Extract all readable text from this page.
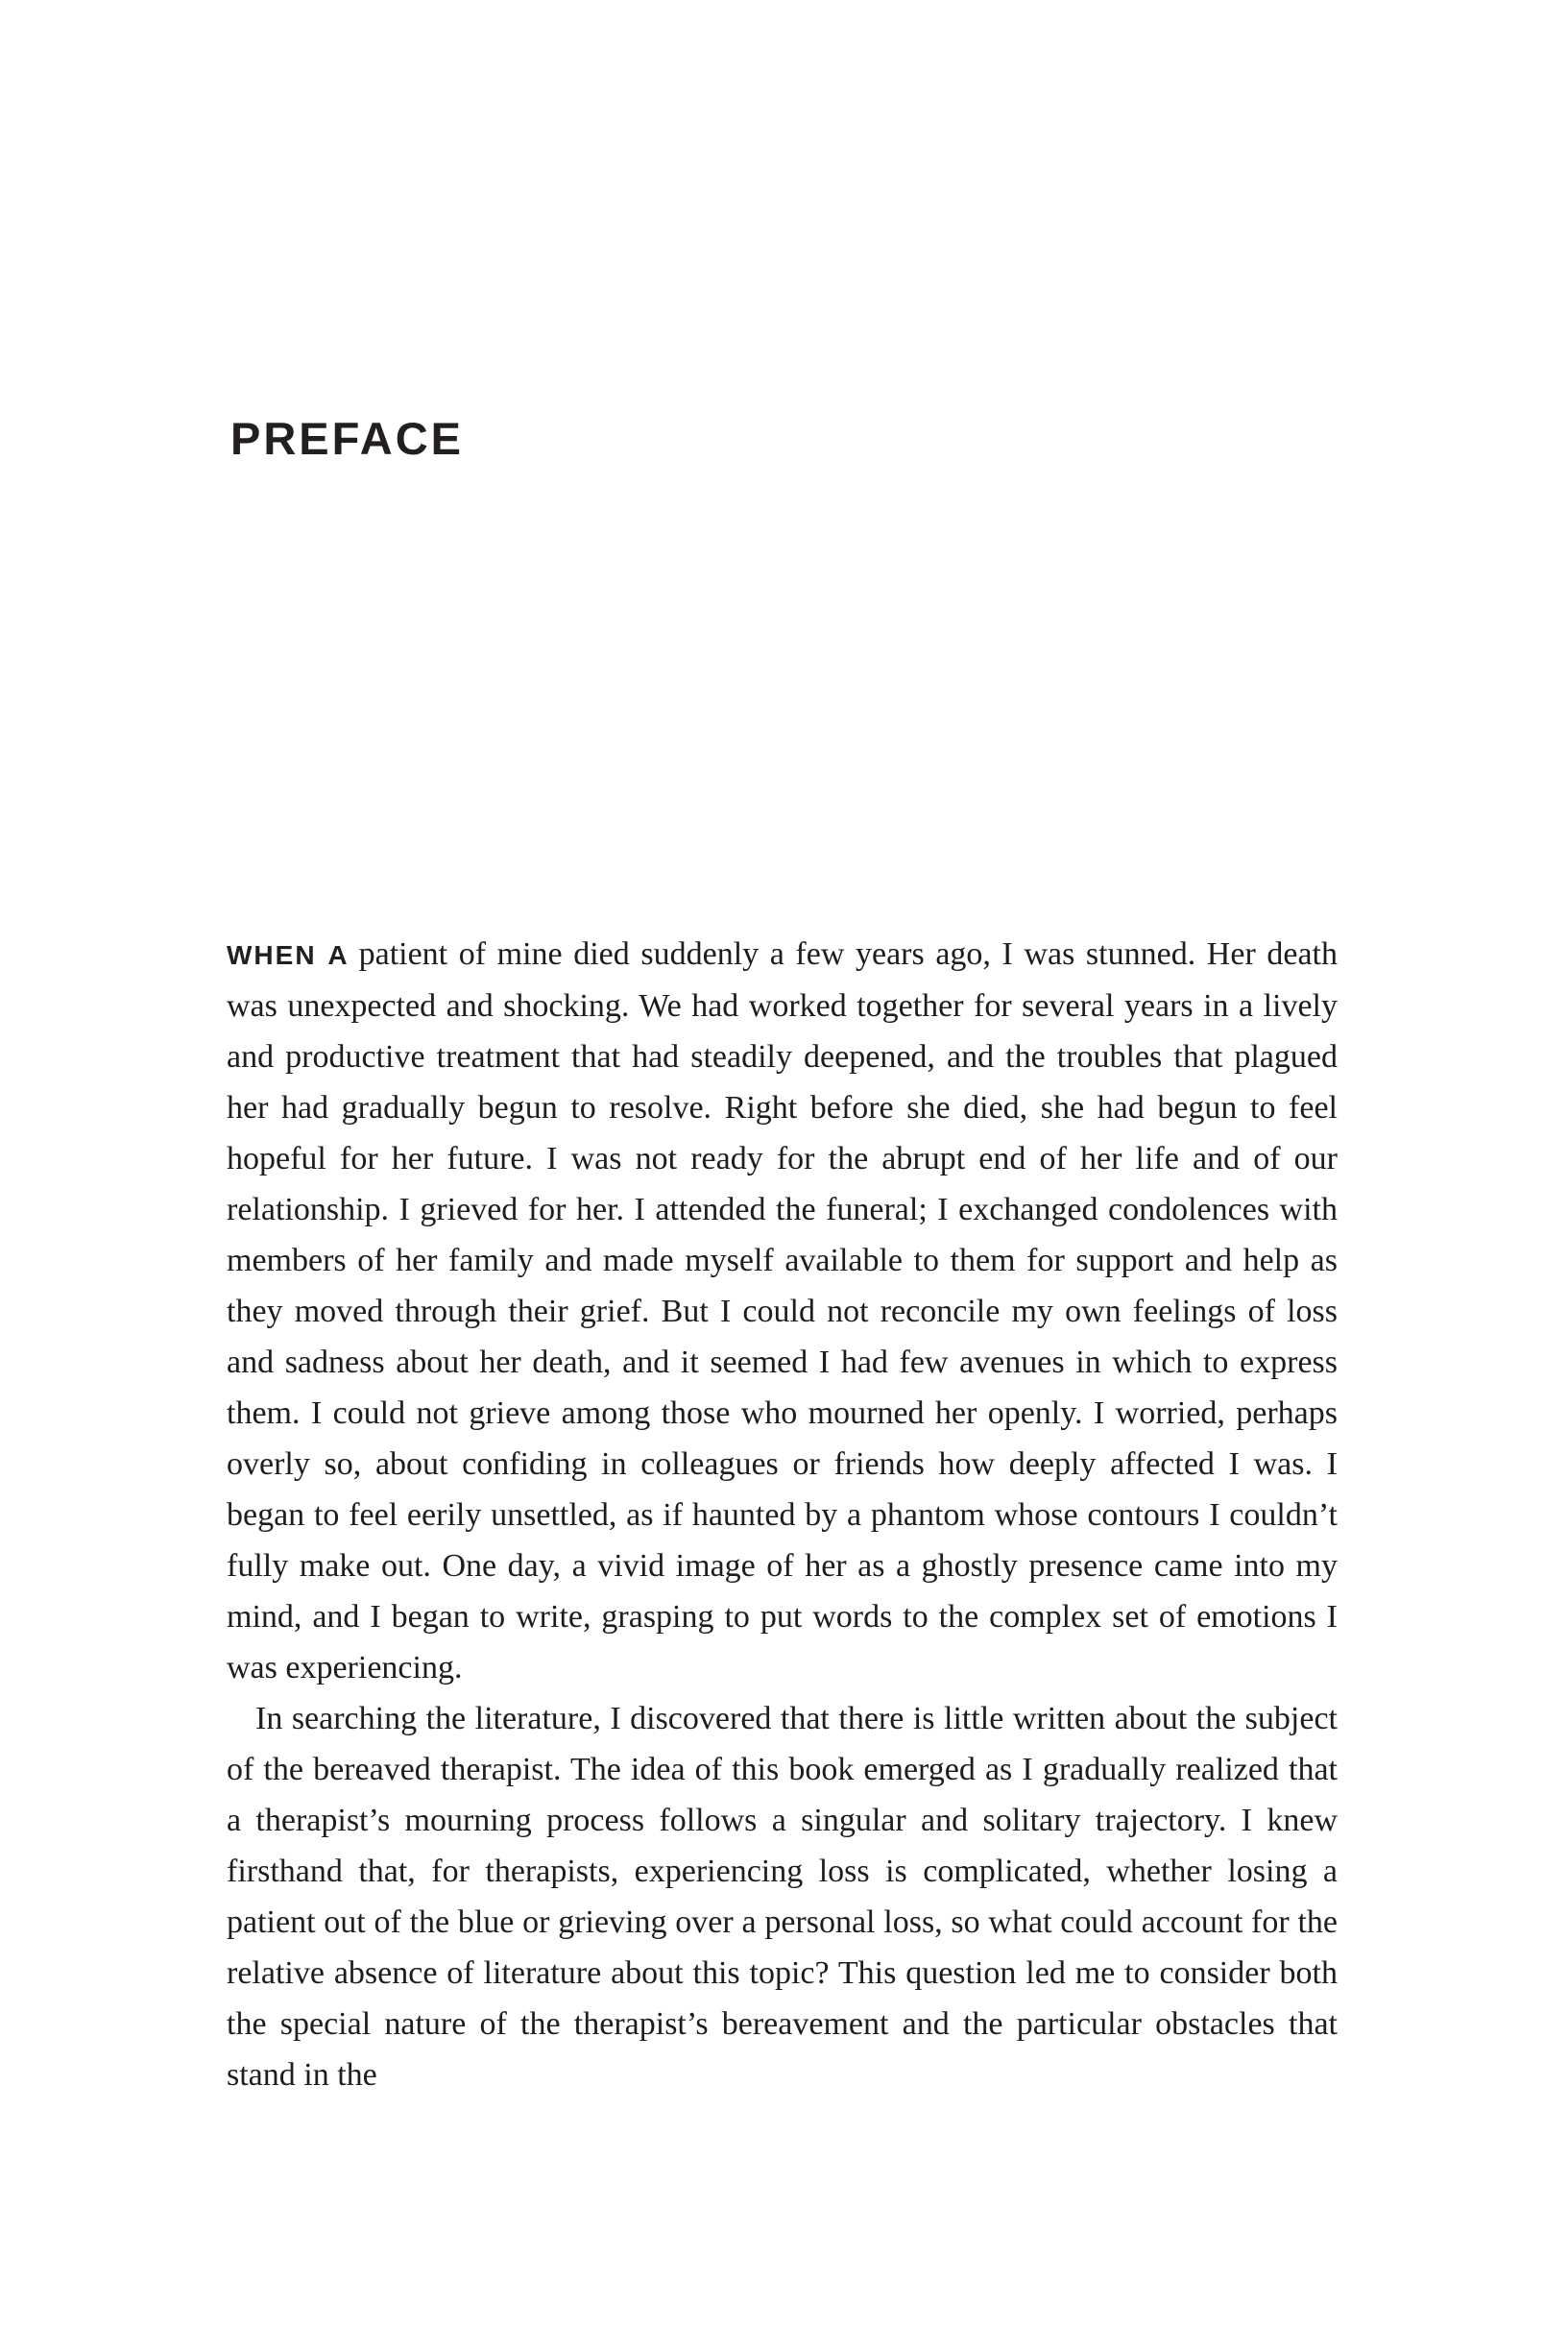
PREFACE

WHEN A patient of mine died suddenly a few years ago, I was stunned. Her death was unexpected and shocking. We had worked together for several years in a lively and productive treatment that had steadily deepened, and the troubles that plagued her had gradually begun to resolve. Right before she died, she had begun to feel hopeful for her future. I was not ready for the abrupt end of her life and of our relationship. I grieved for her. I attended the funeral; I exchanged condolences with members of her family and made myself available to them for support and help as they moved through their grief. But I could not reconcile my own feelings of loss and sadness about her death, and it seemed I had few avenues in which to express them. I could not grieve among those who mourned her openly. I worried, perhaps overly so, about confiding in colleagues or friends how deeply affected I was. I began to feel eerily unsettled, as if haunted by a phantom whose contours I couldn’t fully make out. One day, a vivid image of her as a ghostly presence came into my mind, and I began to write, grasping to put words to the complex set of emotions I was experiencing.

In searching the literature, I discovered that there is little written about the subject of the bereaved therapist. The idea of this book emerged as I gradually realized that a therapist’s mourning process follows a singular and solitary trajectory. I knew firsthand that, for therapists, experiencing loss is complicated, whether losing a patient out of the blue or grieving over a personal loss, so what could account for the relative absence of literature about this topic? This question led me to consider both the special nature of the therapist’s bereavement and the particular obstacles that stand in the
